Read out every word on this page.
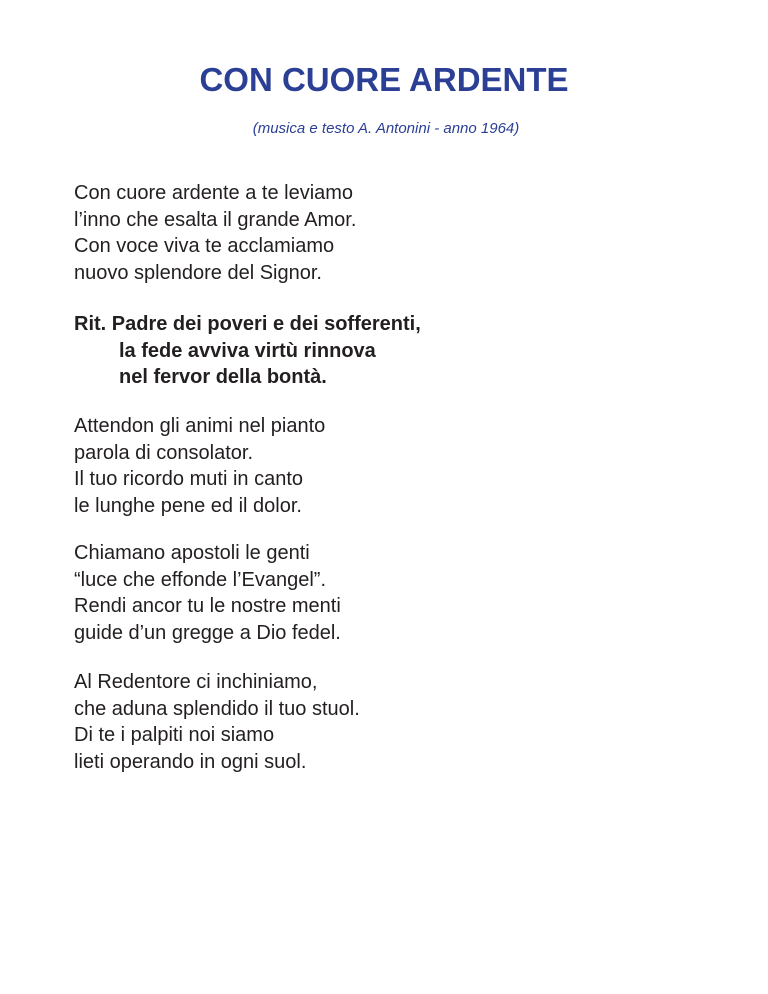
CON CUORE ARDENTE

(musica e testo A. Antonini - anno 1964)

Con cuore ardente a te leviamo
l’inno che esalta il grande Amor.
Con voce viva te acclamiamo
nuovo splendore del Signor.
Rit. Padre dei poveri e dei sofferenti,
la fede avviva virtù rinnova
nel fervor della bontà.
Attendon gli animi nel pianto
parola di consolator.
Il tuo ricordo muti in canto
le lunghe pene ed il dolor.
Chiamano apostoli le genti
“luce che effonde l’Evangel”.
Rendi ancor tu le nostre menti
guide d’un gregge a Dio fedel.
Al Redentore ci inchiniamo,
che aduna splendido il tuo stuol.
Di te i palpiti noi siamo
lieti operando in ogni suol.
